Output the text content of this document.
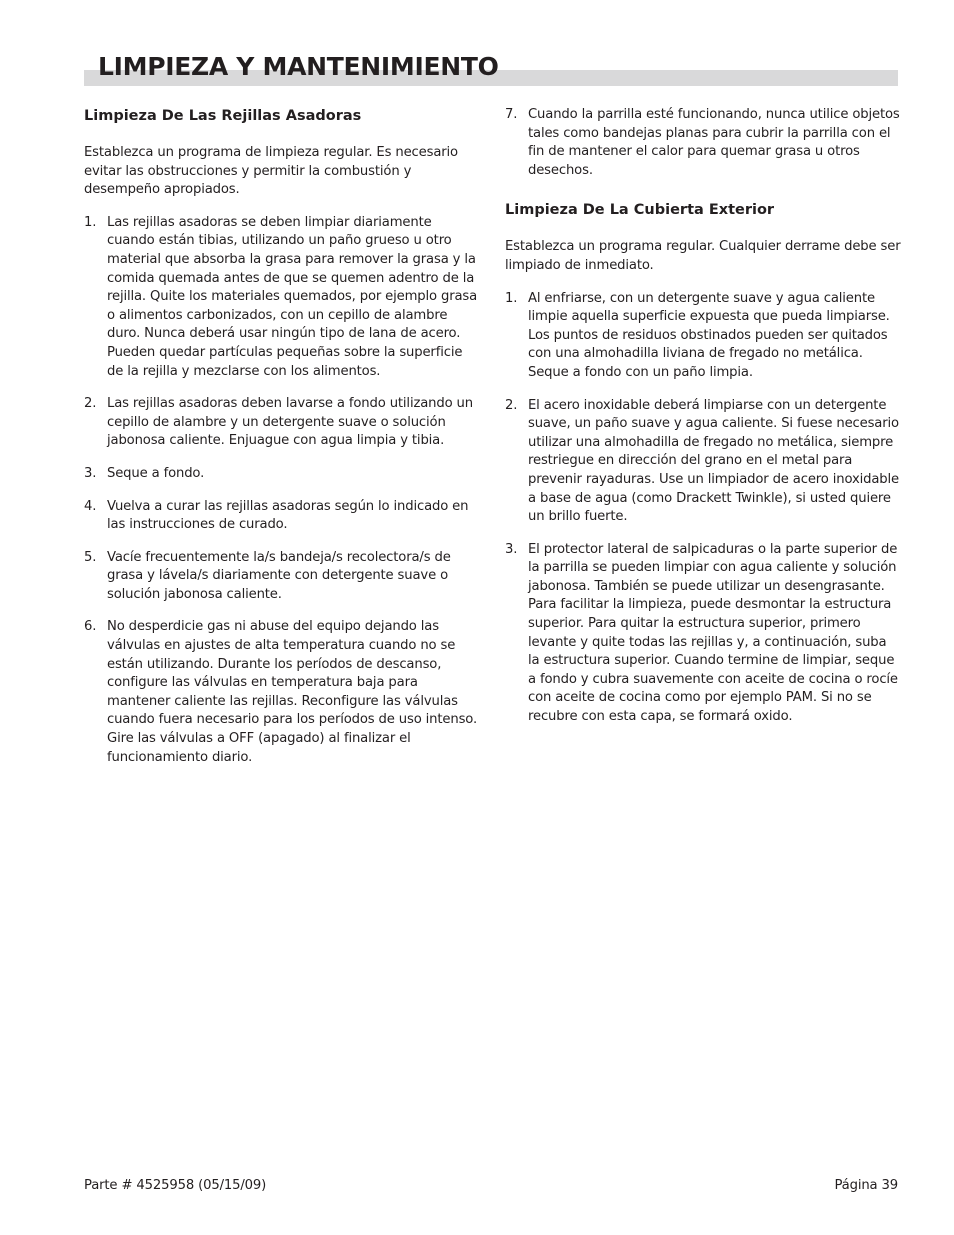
LIMPIEZA Y MANTENIMIENTO
Limpieza De Las Rejillas Asadoras

Establezca un programa de limpieza regular. Es necesario evitar las obstrucciones y permitir la combustión y desempeño apropiados.

1. Las rejillas asadoras se deben limpiar diariamente cuando están tibias, utilizando un paño grueso u otro material que absorba la grasa para remover la grasa y la comida quemada antes de que se quemen adentro de la rejilla. Quite los materiales quemados, por ejemplo grasa o alimentos carbonizados, con un cepillo de alambre duro. Nunca deberá usar ningún tipo de lana de acero. Pueden quedar partículas pequeñas sobre la superficie de la rejilla y mezclarse con los alimentos.
2. Las rejillas asadoras deben lavarse a fondo utilizando un cepillo de alambre y un detergente suave o solución jabonosa caliente. Enjuague con agua limpia y tibia.
3. Seque a fondo.
4. Vuelva a curar las rejillas asadoras según lo indicado en las instrucciones de curado.
5. Vacíe frecuentemente la/s bandeja/s recolectora/s de grasa y lávela/s diariamente con detergente suave o solución jabonosa caliente.
6. No desperdicie gas ni abuse del equipo dejando las válvulas en ajustes de alta temperatura cuando no se están utilizando. Durante los períodos de descanso, configure las válvulas en temperatura baja para mantener caliente las rejillas. Reconfigure las válvulas cuando fuera necesario para los períodos de uso intenso. Gire las válvulas a OFF (apagado) al finalizar el funcionamiento diario.
7. Cuando la parrilla esté funcionando, nunca utilice objetos tales como bandejas planas para cubrir la parrilla con el fin de mantener el calor para quemar grasa u otros desechos.
Limpieza De La Cubierta Exterior

Establezca un programa regular. Cualquier derrame debe ser limpiado de inmediato.

1. Al enfriarse, con un detergente suave y agua caliente limpie aquella superficie expuesta que pueda limpiarse. Los puntos de residuos obstinados pueden ser quitados con una almohadilla liviana de fregado no metálica. Seque a fondo con un paño limpia.
2. El acero inoxidable deberá limpiarse con un detergente suave, un paño suave y agua caliente. Si fuese necesario utilizar una almohadilla de fregado no metálica, siempre restriegue en dirección del grano en el metal para prevenir rayaduras. Use un limpiador de acero inoxidable a base de agua (como Drackett Twinkle), si usted quiere un brillo fuerte.
3. El protector lateral de salpicaduras o la parte superior de la parrilla se pueden limpiar con agua caliente y solución jabonosa. También se puede utilizar un desengrasante. Para facilitar la limpieza, puede desmontar la estructura superior. Para quitar la estructura superior, primero levante y quite todas las rejillas y, a continuación, suba la estructura superior. Cuando termine de limpiar, seque a fondo y cubra suavemente con aceite de cocina o rocíe con aceite de cocina como por ejemplo PAM. Si no se recubre con esta capa, se formará oxido.
Parte # 4525958 (05/15/09)	Página 39
